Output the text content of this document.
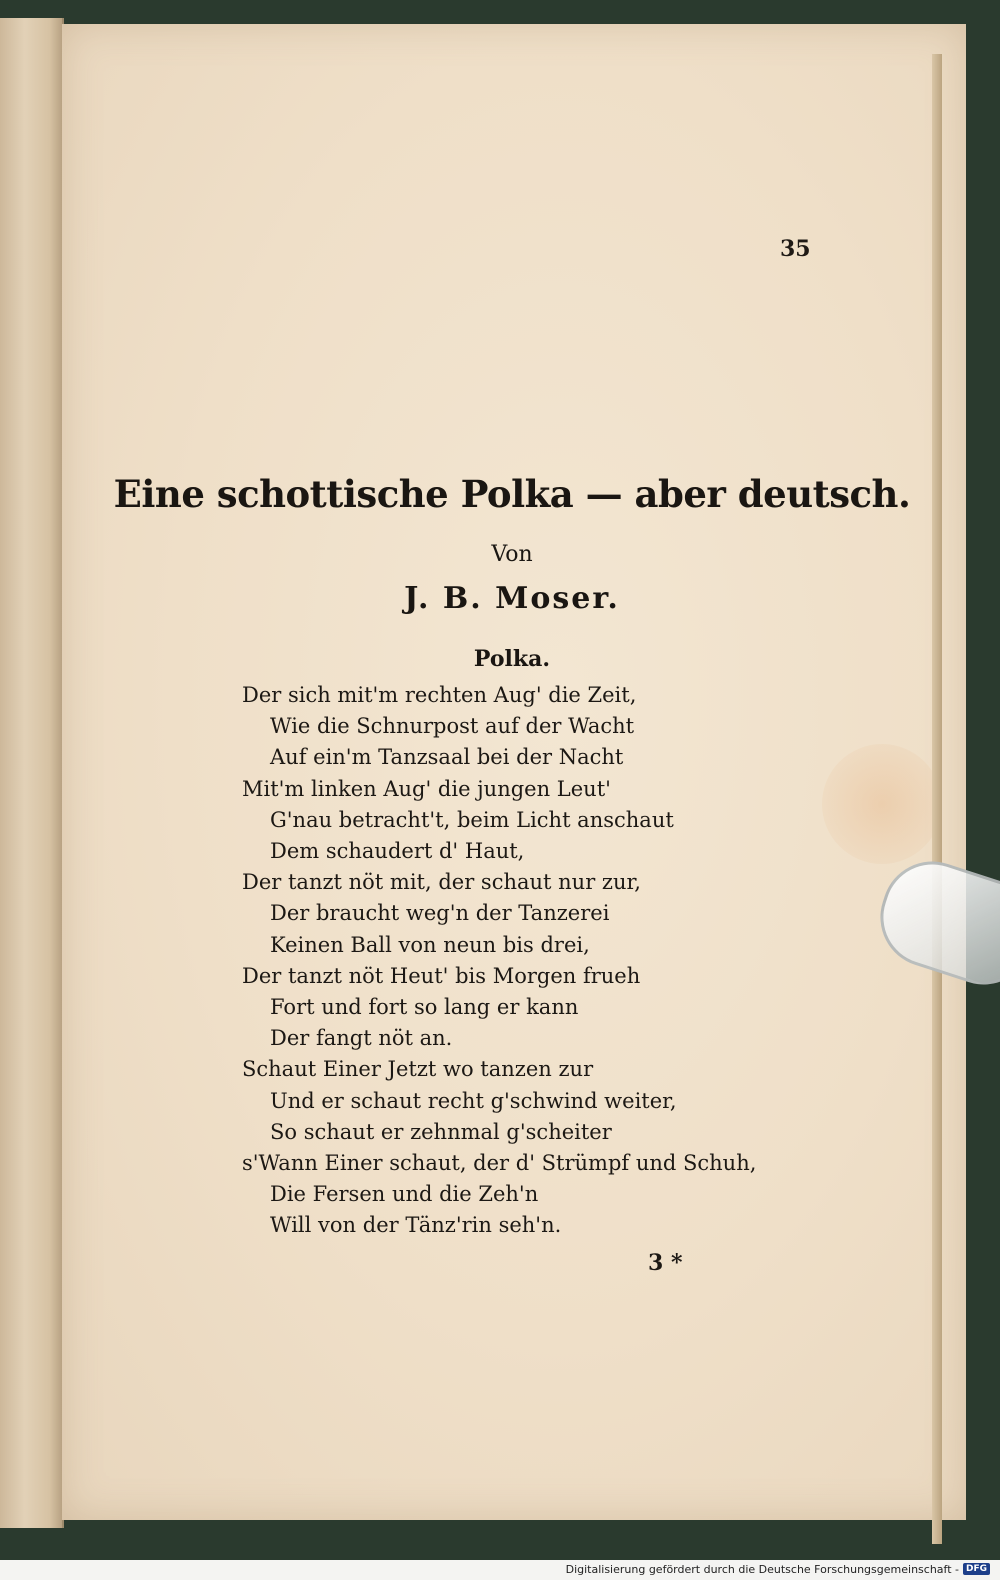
35
Eine schottische Polka — aber deutsch.
Von
J. B. Moser.
Polka.
Der sich mit'm rechten Aug' die Zeit,
Wie die Schnurpost auf der Wacht
Auf ein'm Tanzsaal bei der Nacht
Mit'm linken Aug' die jungen Leut'
G'nau betracht't, beim Licht anschaut
Dem schaudert d' Haut,
Der tanzt nöt mit, der schaut nur zur,
Der braucht weg'n der Tanzerei
Keinen Ball von neun bis drei,
Der tanzt nöt Heut' bis Morgen frueh
Fort und fort so lang er kann
Der fangt nöt an.
Schaut Einer Jetzt wo tanzen zur
Und er schaut recht g'schwind weiter,
So schaut er zehnmal g'scheiter
s'Wann Einer schaut, der d' Strümpf und Schuh,
Die Fersen und die Zeh'n
Will von der Tänz'rin seh'n.
3 *
Digitalisierung gefördert durch die Deutsche Forschungsgemeinschaft - DFG
